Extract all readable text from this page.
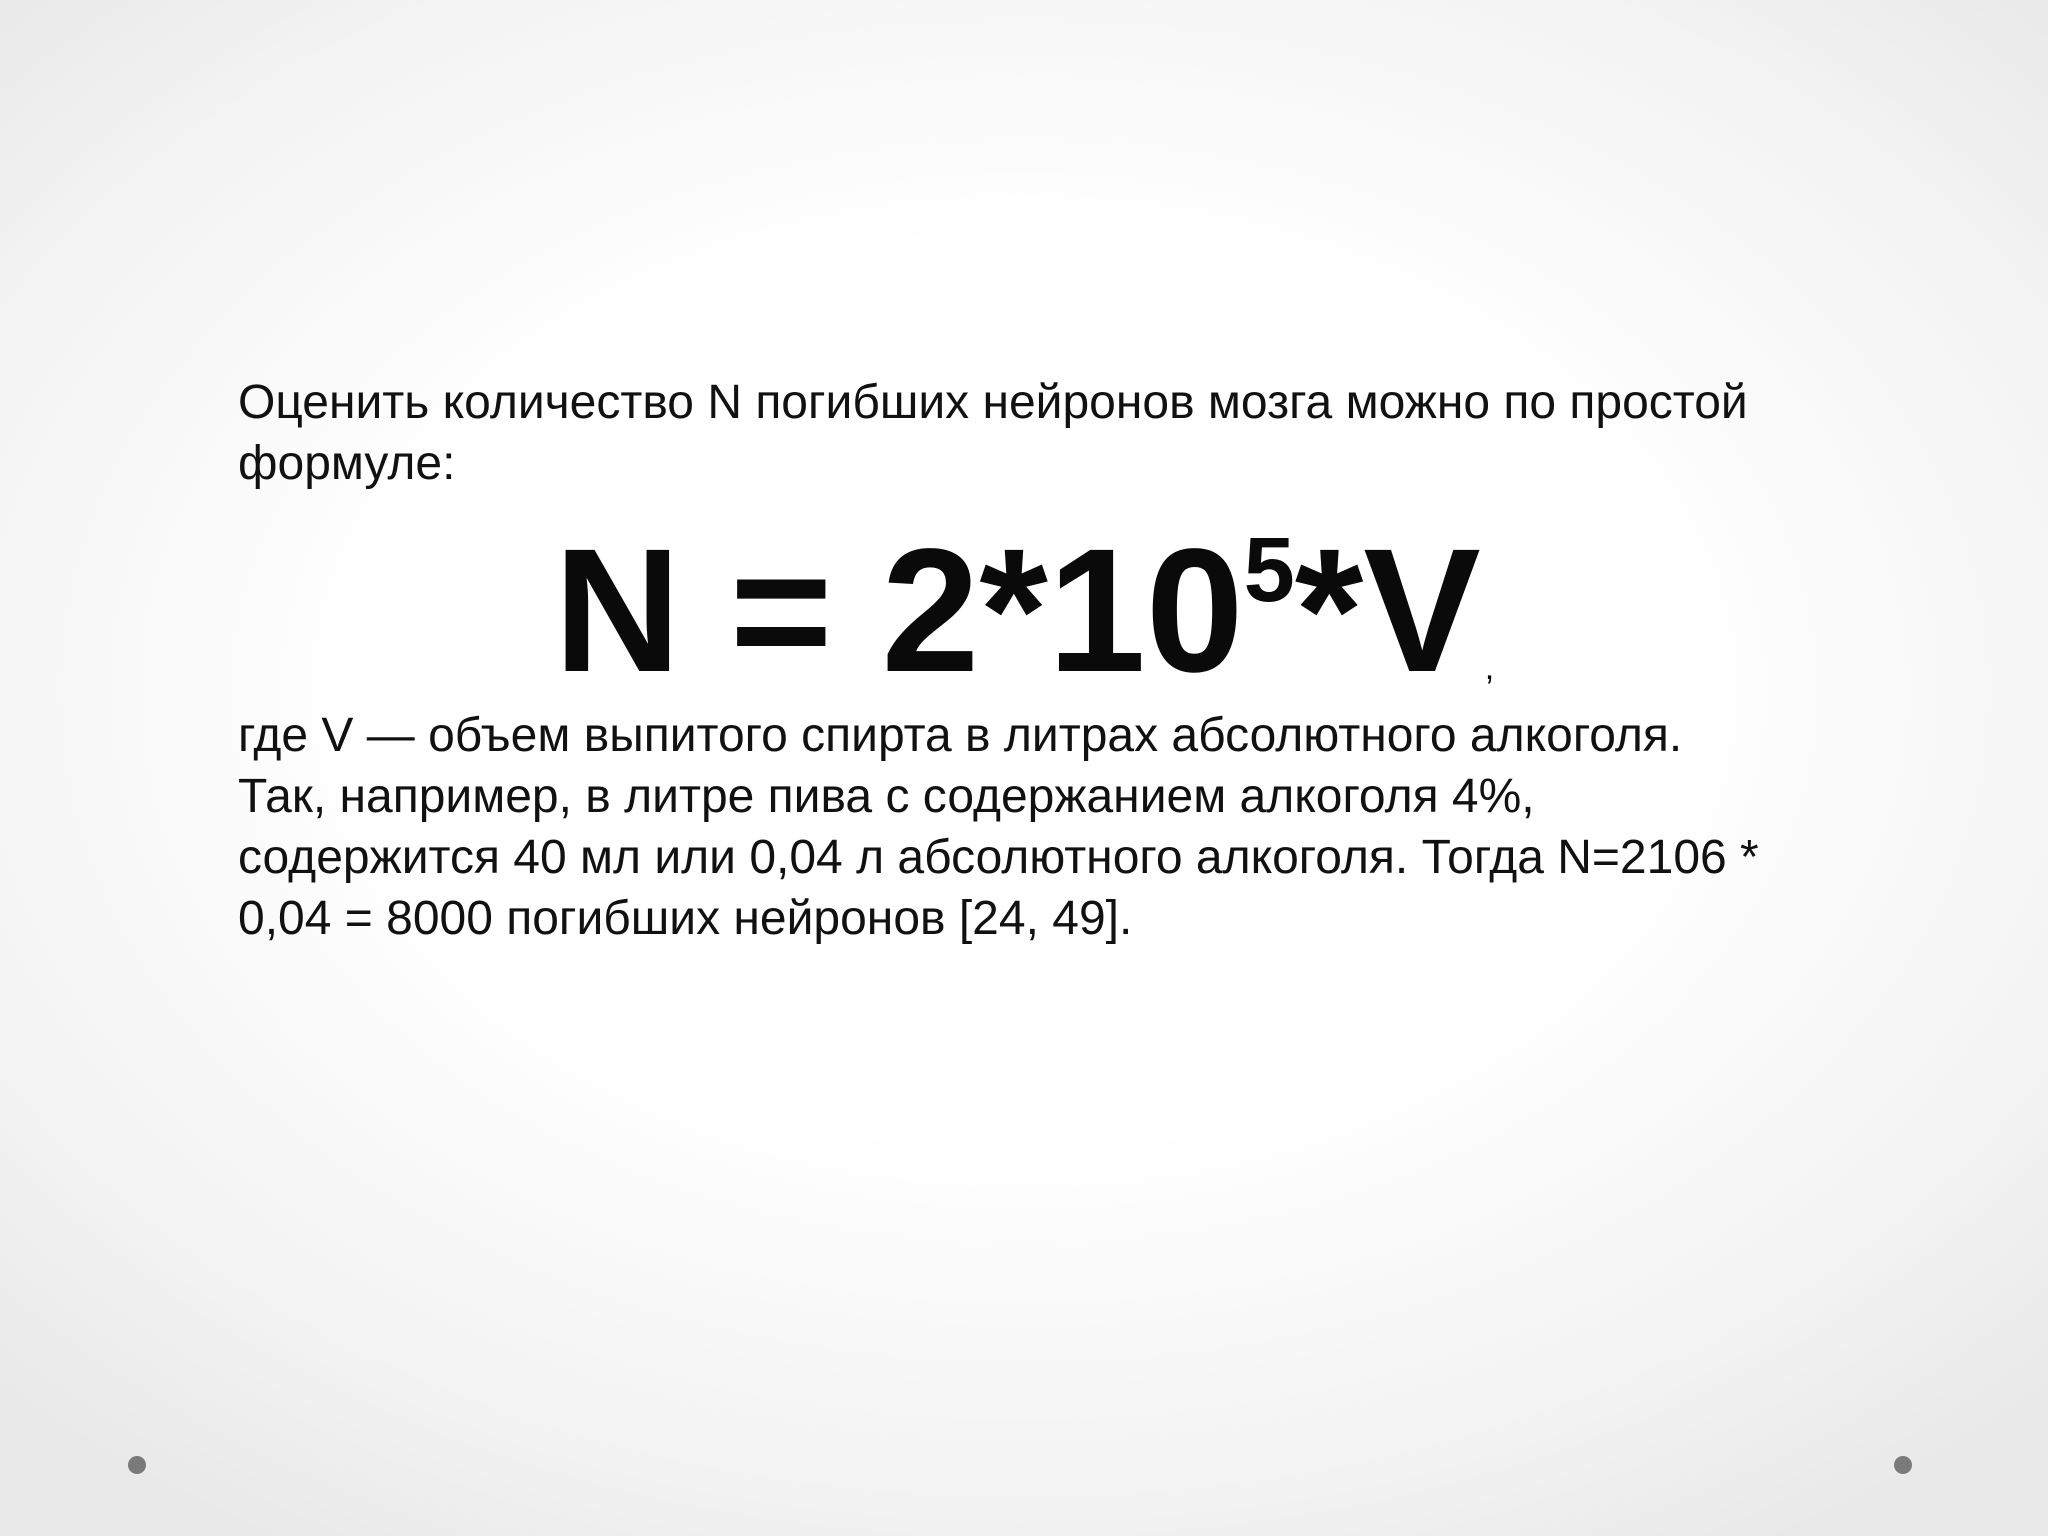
Оценить количество N погибших нейронов мозга можно по простой формуле:

$N = 2*10^5*V$ ,

где V — объем выпитого спирта в литрах абсолютного алкоголя.
Так, например, в литре пива с содержанием алкоголя 4%,
содержится 40 мл или 0,04 л абсолютного алкоголя. Тогда N=2106 *
0,04 = 8000 погибших нейронов [24, 49].
